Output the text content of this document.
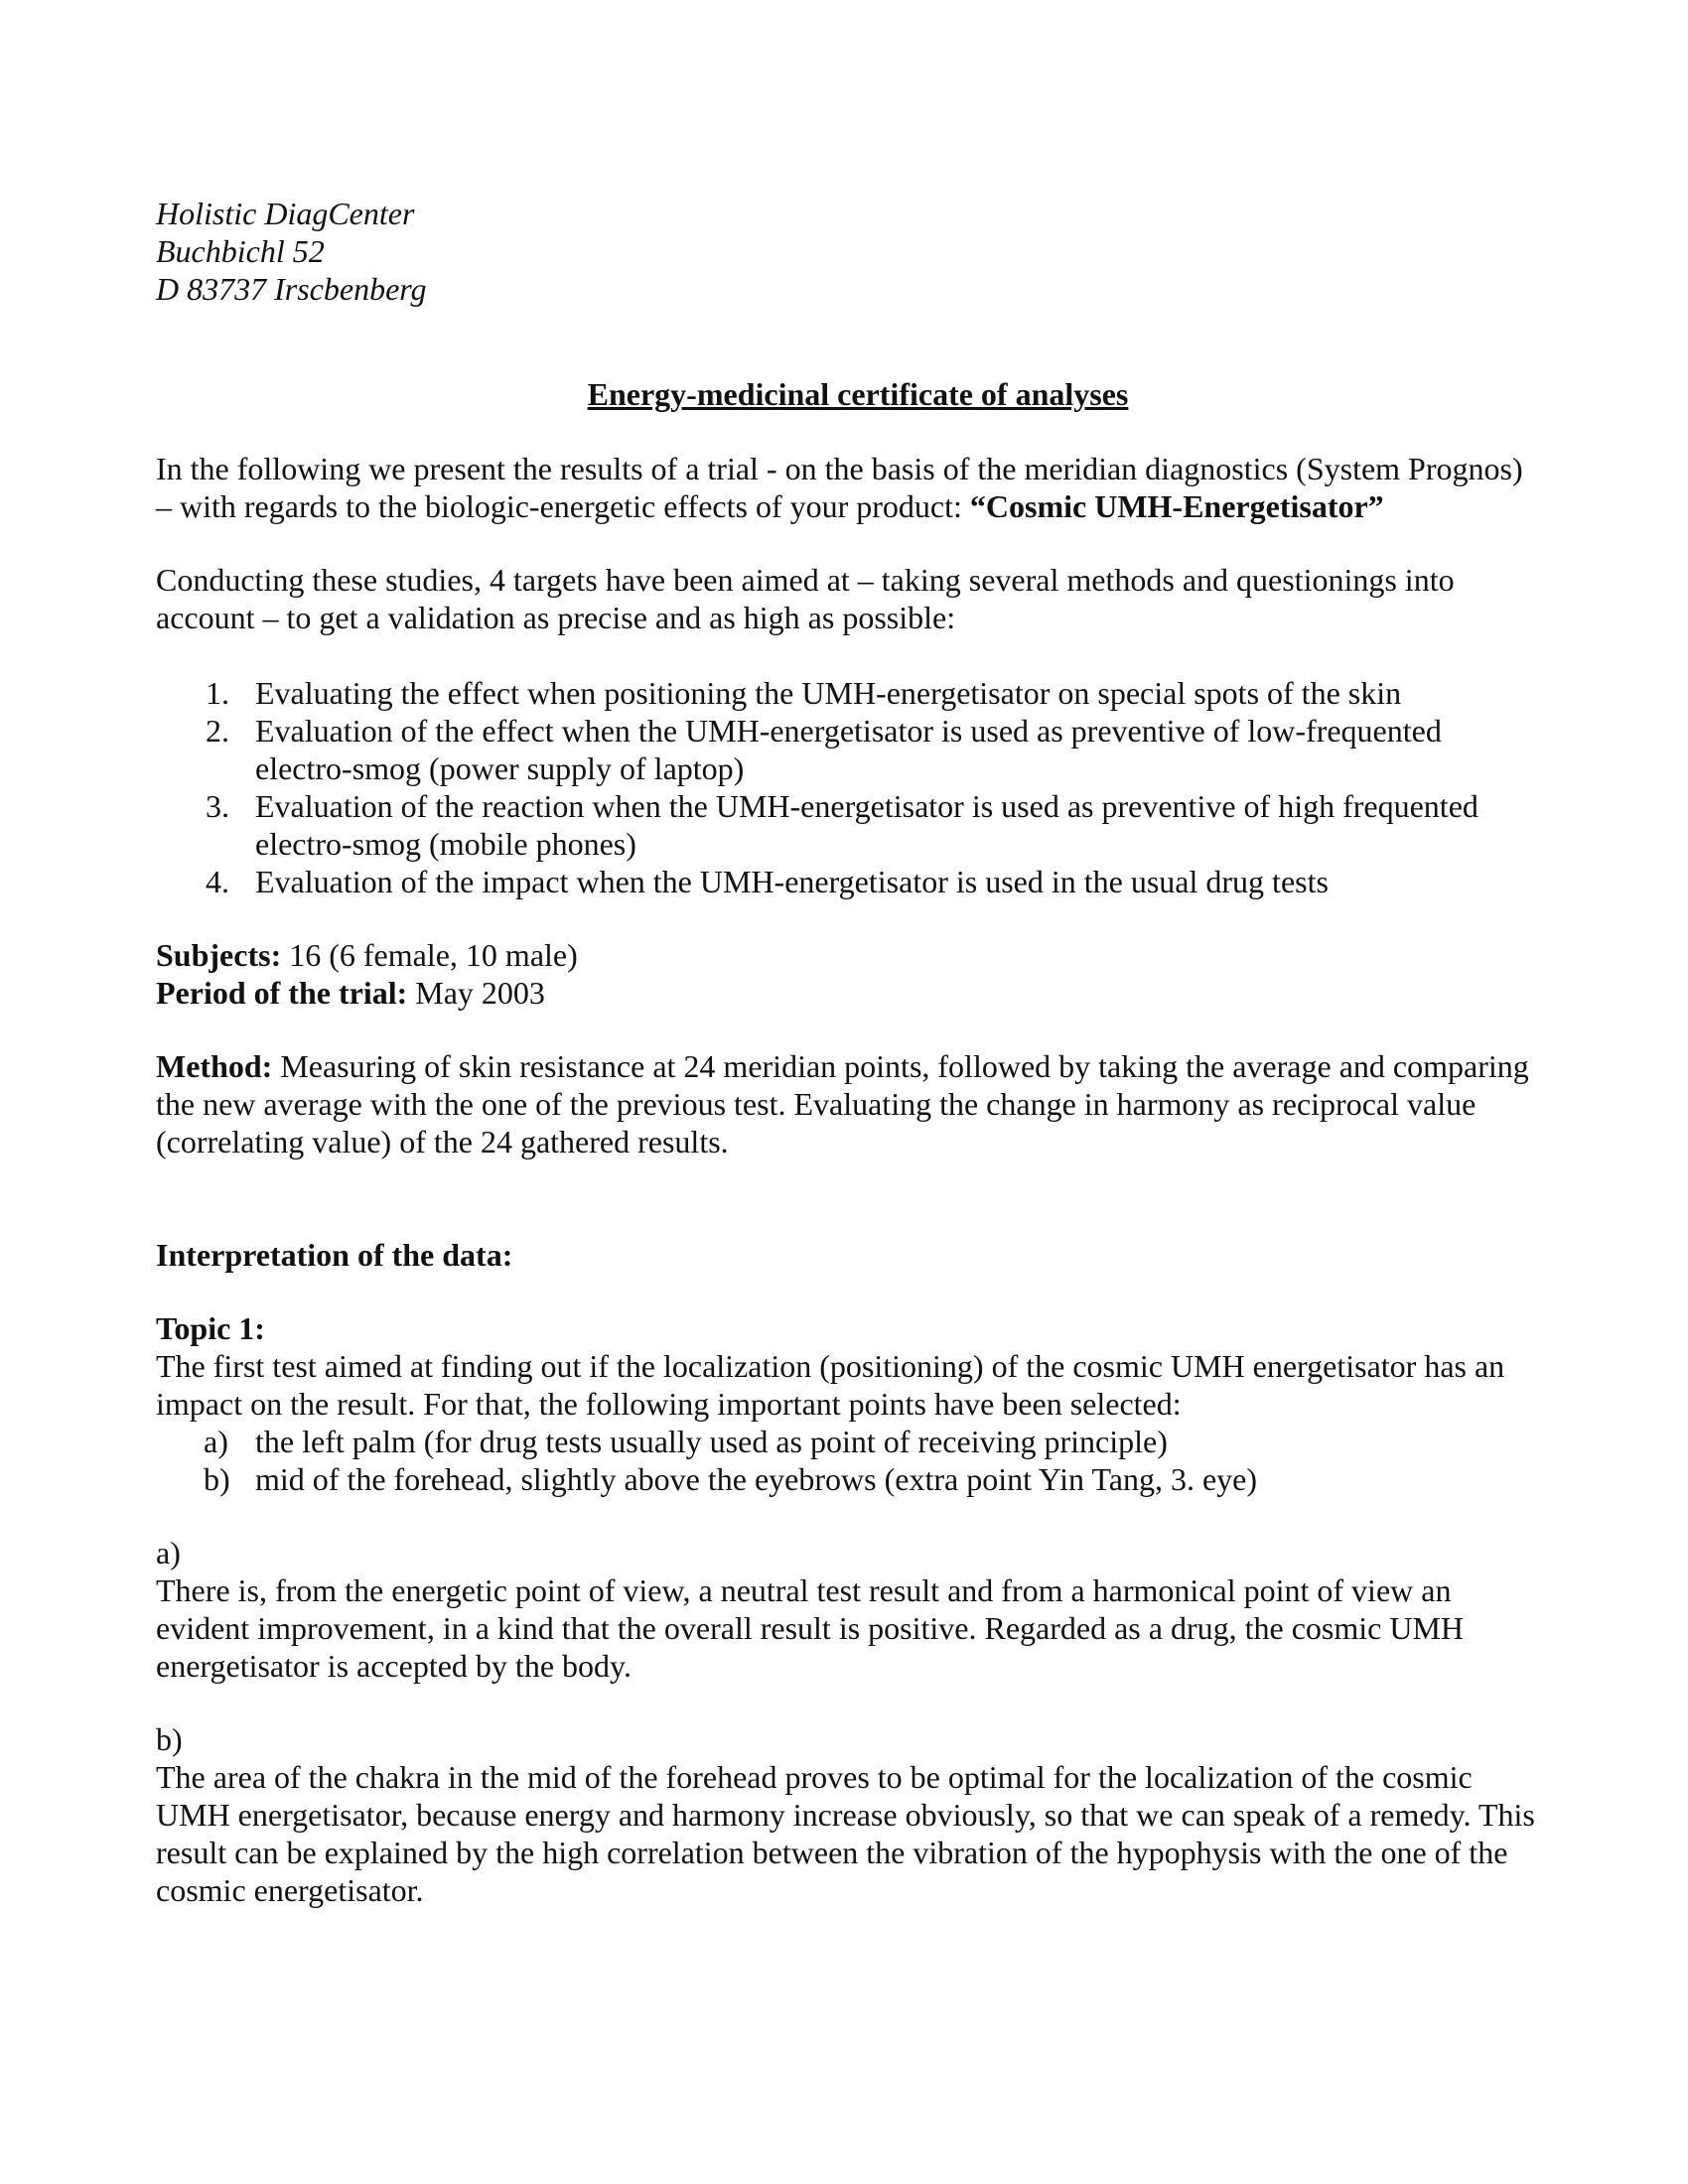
Holistic DiagCenter
Buchbichl 52
D 83737 Irscbenberg
Energy-medicinal certificate of analyses

In the following we present the results of a trial - on the basis of the meridian diagnostics (System Prognos) – with regards to the biologic-energetic effects of your product: “Cosmic UMH-Energetisator”

Conducting these studies, 4 targets have been aimed at – taking several methods and questionings into account – to get a validation as precise and as high as possible:

1. Evaluating the effect when positioning the UMH-energetisator on special spots of the skin
2. Evaluation of the effect when the UMH-energetisator is used as preventive of low-frequented electro-smog (power supply of laptop)
3. Evaluation of the reaction when the UMH-energetisator is used as preventive of high frequented electro-smog (mobile phones)
4. Evaluation of the impact when the UMH-energetisator is used in the usual drug tests

Subjects: 16 (6 female, 10 male)

Period of the trial: May 2003

Method: Measuring of skin resistance at 24 meridian points, followed by taking the average and comparing the new average with the one of the previous test. Evaluating the change in harmony as reciprocal value (correlating value) of the 24 gathered results.

Interpretation of the data:

Topic 1:

The first test aimed at finding out if the localization (positioning) of the cosmic UMH energetisator has an impact on the result. For that, the following important points have been selected:

a) the left palm (for drug tests usually used as point of receiving principle)
b) mid of the forehead, slightly above the eyebrows (extra point Yin Tang, 3. eye)

a)

There is, from the energetic point of view, a neutral test result and from a harmonical point of view an evident improvement, in a kind that the overall result is positive. Regarded as a drug, the cosmic UMH energetisator is accepted by the body.

b)

The area of the chakra in the mid of the forehead proves to be optimal for the localization of the cosmic UMH energetisator, because energy and harmony increase obviously, so that we can speak of a remedy. This result can be explained by the high correlation between the vibration of the hypophysis with the one of the cosmic energetisator.
